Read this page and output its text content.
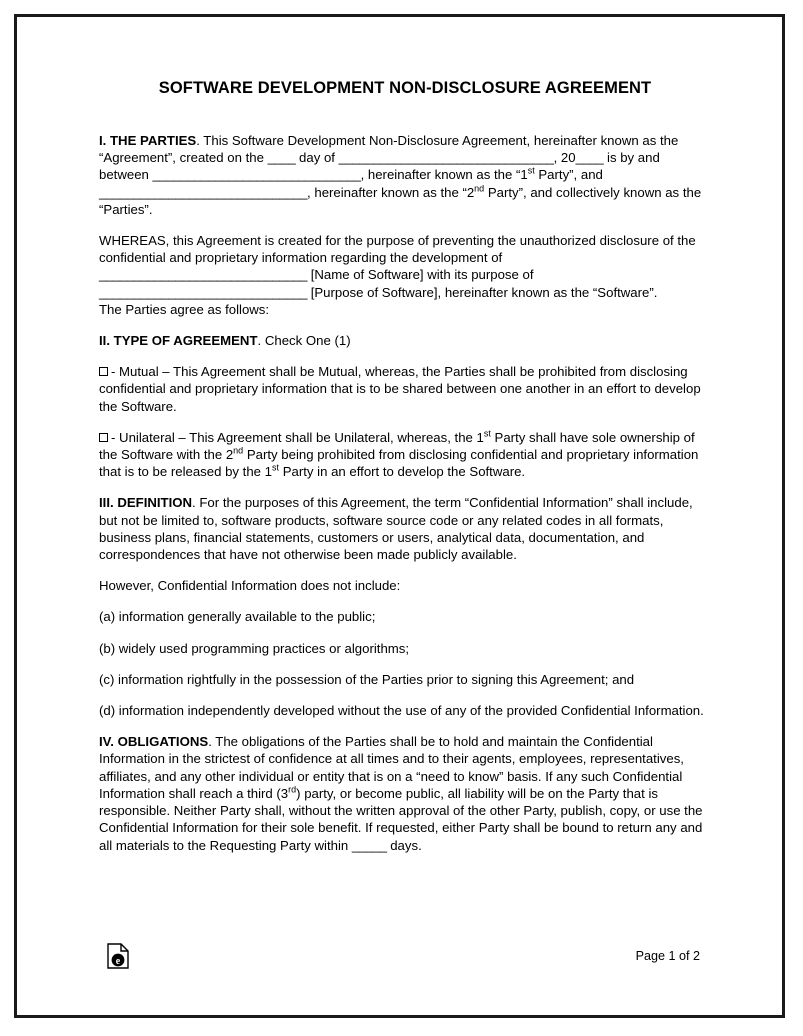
SOFTWARE DEVELOPMENT NON-DISCLOSURE AGREEMENT

I. THE PARTIES. This Software Development Non-Disclosure Agreement, hereinafter known as the “Agreement”, created on the ____ day of _______________________________, 20____ is by and between ______________________________, hereinafter known as the “1st Party”, and ______________________________, hereinafter known as the “2nd Party”, and collectively known as the “Parties”.

WHEREAS, this Agreement is created for the purpose of preventing the unauthorized disclosure of the confidential and proprietary information regarding the development of ______________________________ [Name of Software] with its purpose of ______________________________ [Purpose of Software], hereinafter known as the “Software”.

The Parties agree as follows:

II. TYPE OF AGREEMENT. Check One (1)

- Mutual – This Agreement shall be Mutual, whereas, the Parties shall be prohibited from disclosing confidential and proprietary information that is to be shared between one another in an effort to develop the Software.

- Unilateral – This Agreement shall be Unilateral, whereas, the 1st Party shall have sole ownership of the Software with the 2nd Party being prohibited from disclosing confidential and proprietary information that is to be released by the 1st Party in an effort to develop the Software.

III. DEFINITION. For the purposes of this Agreement, the term “Confidential Information” shall include, but not be limited to, software products, software source code or any related codes in all formats, business plans, financial statements, customers or users, analytical data, documentation, and correspondences that have not otherwise been made publicly available.

However, Confidential Information does not include:

(a) information generally available to the public;

(b) widely used programming practices or algorithms;

(c) information rightfully in the possession of the Parties prior to signing this Agreement; and

(d) information independently developed without the use of any of the provided Confidential Information.

IV. OBLIGATIONS. The obligations of the Parties shall be to hold and maintain the Confidential Information in the strictest of confidence at all times and to their agents, employees, representatives, affiliates, and any other individual or entity that is on a “need to know” basis. If any such Confidential Information shall reach a third (3rd) party, or become public, all liability will be on the Party that is responsible. Neither Party shall, without the written approval of the other Party, publish, copy, or use the Confidential Information for their sole benefit. If requested, either Party shall be bound to return any and all materials to the Requesting Party within _____ days.

e	Page 1 of 2
